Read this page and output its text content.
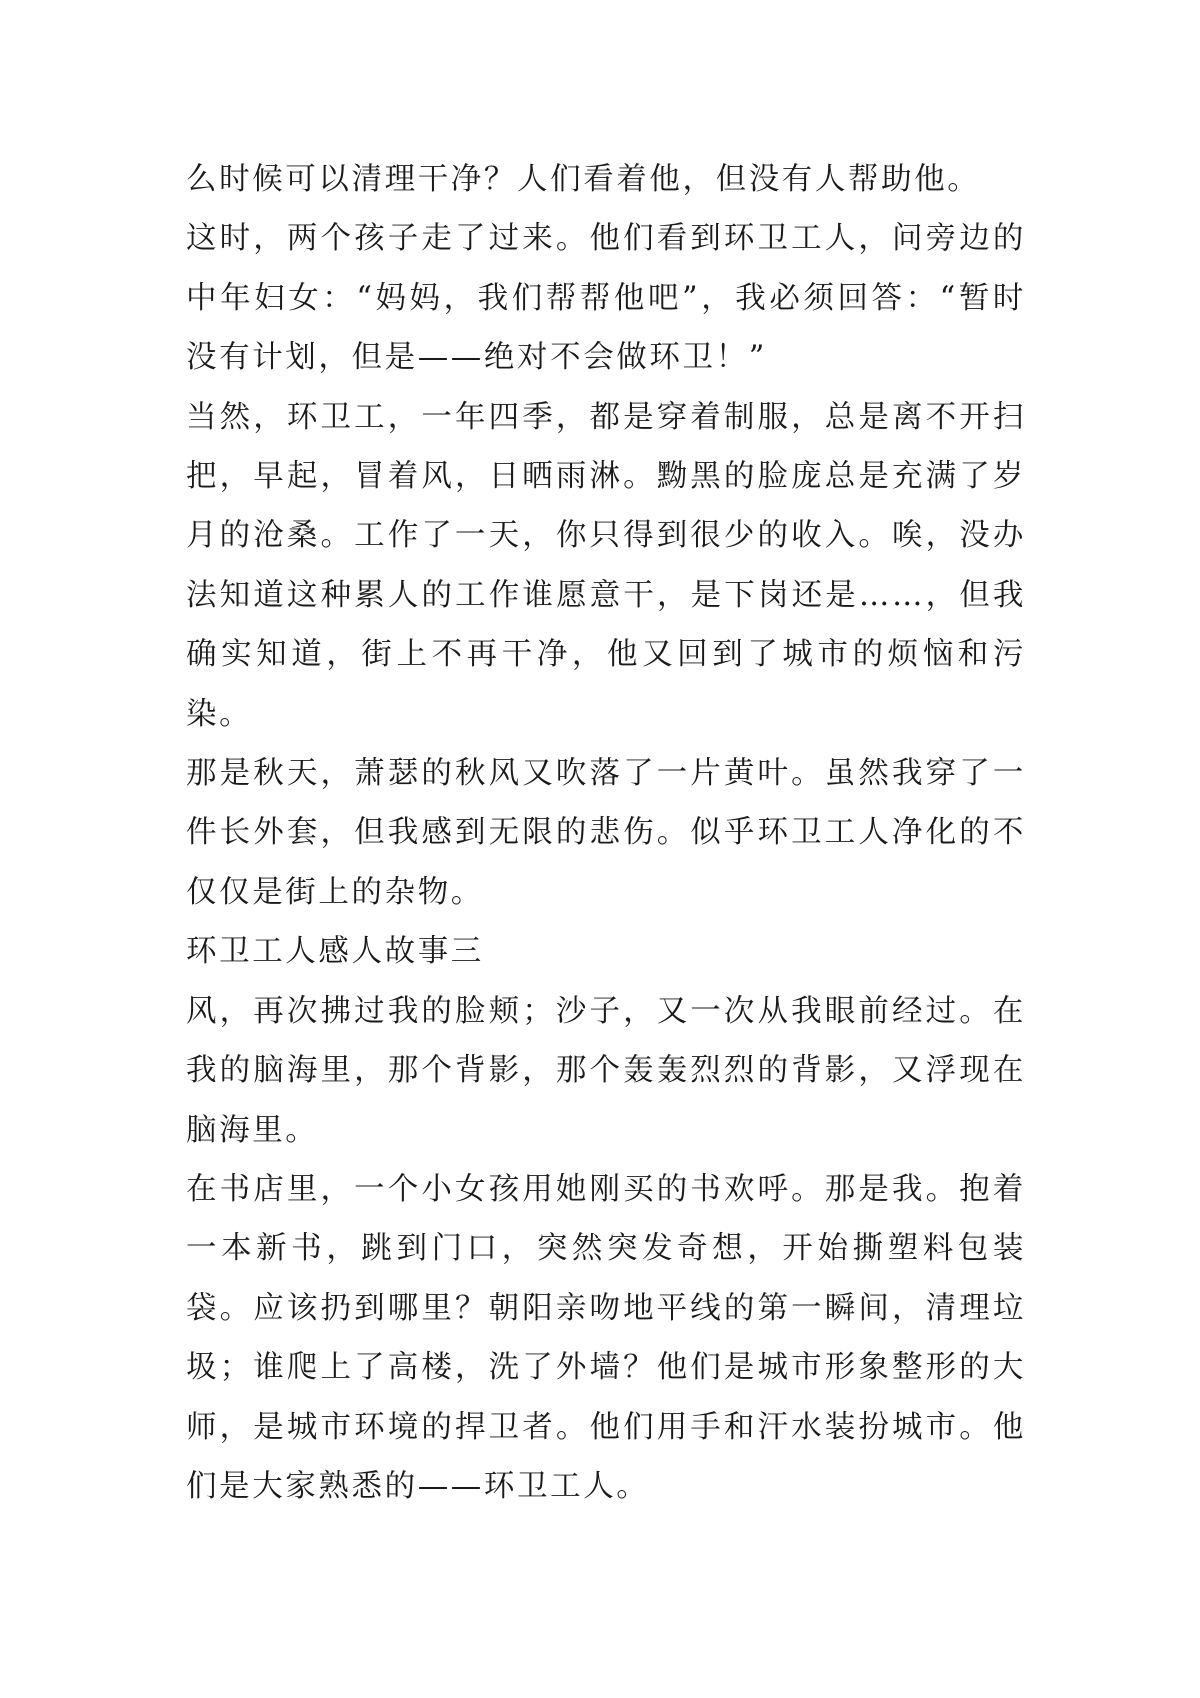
么时候可以清理干净？人们看着他，但没有人帮助他。

这时，两个孩子走了过来。他们看到环卫工人，问旁边的中年妇女：“妈妈，我们帮帮他吧”，我必须回答：“暂时没有计划，但是——绝对不会做环卫！”

当然，环卫工，一年四季，都是穿着制服，总是离不开扫把，早起，冒着风，日晒雨淋。黝黑的脸庞总是充满了岁月的沧桑。工作了一天，你只得到很少的收入。唉，没办法知道这种累人的工作谁愿意干，是下岗还是……，但我确实知道，街上不再干净，他又回到了城市的烦恼和污染。

那是秋天，萧瑟的秋风又吹落了一片黄叶。虽然我穿了一件长外套，但我感到无限的悲伤。似乎环卫工人净化的不仅仅是街上的杂物。

环卫工人感人故事三

风，再次拂过我的脸颊；沙子，又一次从我眼前经过。在我的脑海里，那个背影，那个轰轰烈烈的背影，又浮现在脑海里。

在书店里，一个小女孩用她刚买的书欢呼。那是我。抱着一本新书，跳到门口，突然突发奇想，开始撕塑料包装袋。应该扔到哪里？朝阳亲吻地平线的第一瞬间，清理垃圾；谁爬上了高楼，洗了外墙？他们是城市形象整形的大师，是城市环境的捍卫者。他们用手和汗水装扮城市。他们是大家熟悉的——环卫工人。
